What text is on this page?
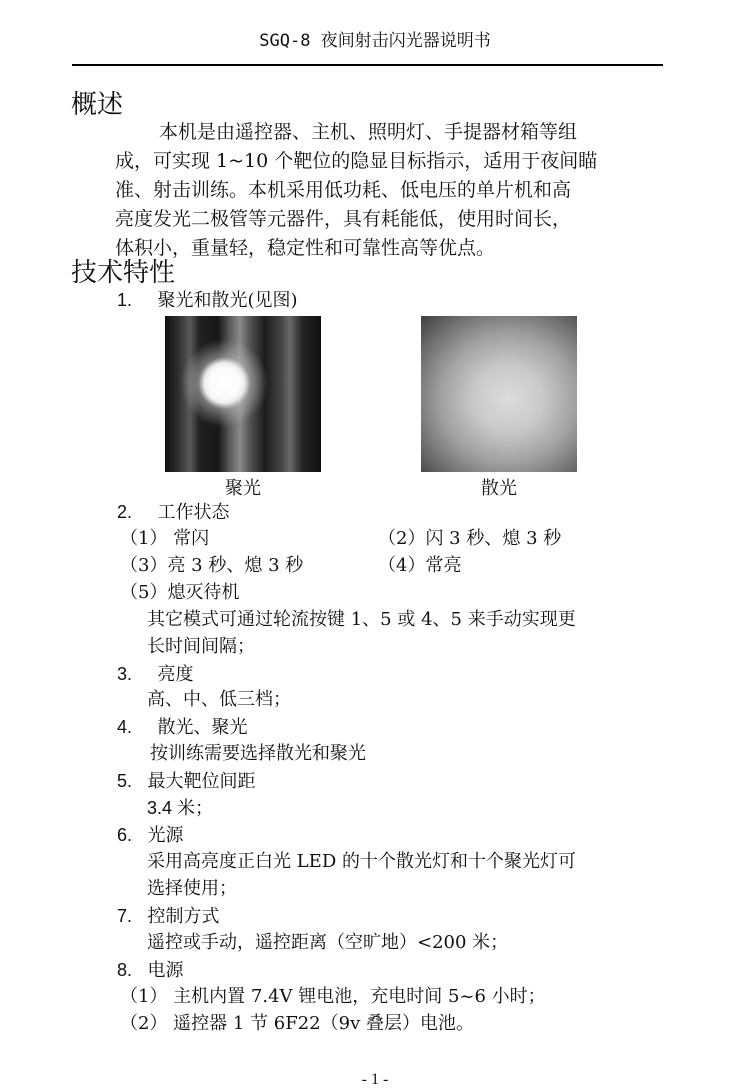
SGQ-8 夜间射击闪光器说明书
概述
本机是由遥控器、主机、照明灯、手提器材箱等组
成，可实现 1~10 个靶位的隐显目标指示，适用于夜间瞄
准、射击训练。本机采用低功耗、低电压的单片机和高
亮度发光二极管等元器件，具有耗能低，使用时间长，
体积小，重量轻，稳定性和可靠性高等优点。
技术特性
1. 聚光和散光(见图)
聚光	散光
2. 工作状态
（1） 常闪	（2）闪 3 秒、熄 3 秒
（3）亮 3 秒、熄 3 秒	（4）常亮
（5）熄灭待机
其它模式可通过轮流按键 1、5 或 4、5 来手动实现更
长时间间隔；
3. 亮度
高、中、低三档；
4. 散光、聚光
按训练需要选择散光和聚光
5. 最大靶位间距
3.4 米；
6. 光源
采用高亮度正白光 LED 的十个散光灯和十个聚光灯可
选择使用；
7. 控制方式
遥控或手动，遥控距离（空旷地）<200 米；
8. 电源
（1） 主机内置 7.4V 锂电池，充电时间 5~6 小时；
（2） 遥控器 1 节 6F22（9v 叠层）电池。
- 1 -
